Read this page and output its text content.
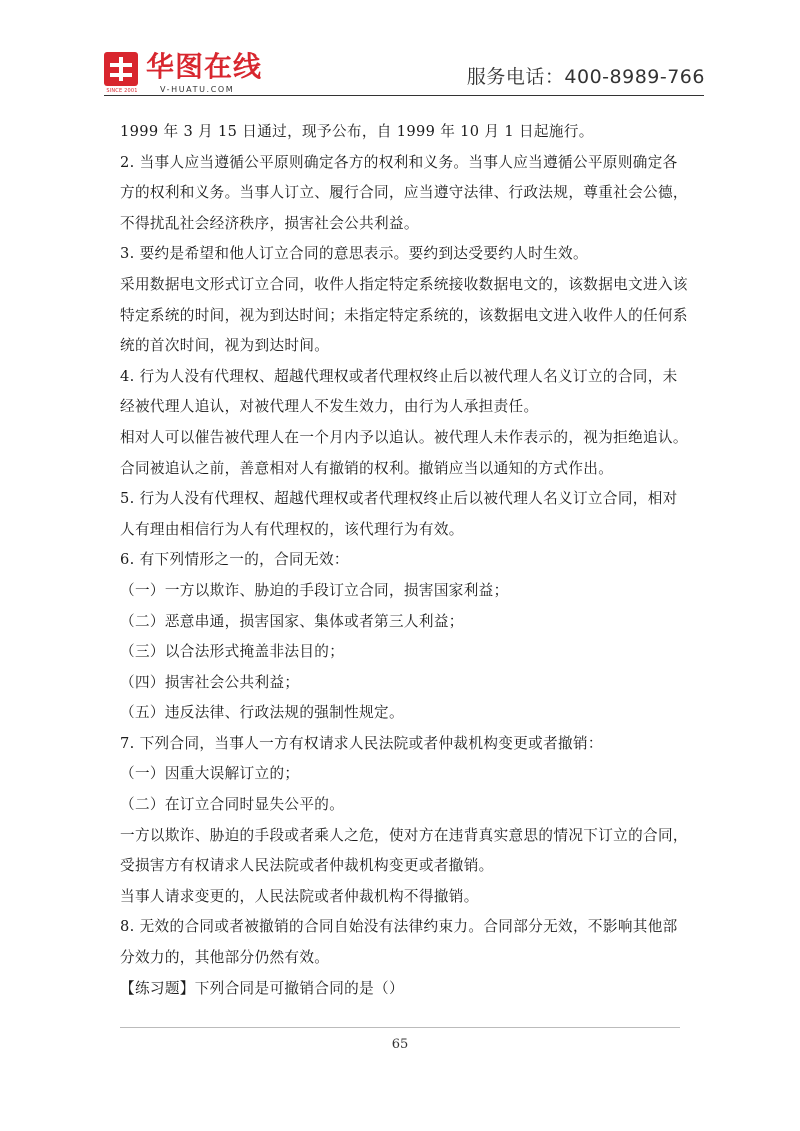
SINCE 2001
华图在线
V-HUATU.COM
服务电话：400-8989-766

1999 年 3 月 15 日通过，现予公布，自 1999 年 10 月 1 日起施行。

2. 当事人应当遵循公平原则确定各方的权利和义务。当事人应当遵循公平原则确定各方的权利和义务。当事人订立、履行合同，应当遵守法律、行政法规，尊重社会公德，不得扰乱社会经济秩序，损害社会公共利益。

3. 要约是希望和他人订立合同的意思表示。要约到达受要约人时生效。

采用数据电文形式订立合同，收件人指定特定系统接收数据电文的，该数据电文进入该特定系统的时间，视为到达时间；未指定特定系统的，该数据电文进入收件人的任何系统的首次时间，视为到达时间。

4. 行为人没有代理权、超越代理权或者代理权终止后以被代理人名义订立的合同，未经被代理人追认，对被代理人不发生效力，由行为人承担责任。

相对人可以催告被代理人在一个月内予以追认。被代理人未作表示的，视为拒绝追认。合同被追认之前，善意相对人有撤销的权利。撤销应当以通知的方式作出。

5. 行为人没有代理权、超越代理权或者代理权终止后以被代理人名义订立合同，相对人有理由相信行为人有代理权的，该代理行为有效。

6. 有下列情形之一的，合同无效：

（一）一方以欺诈、胁迫的手段订立合同，损害国家利益；

（二）恶意串通，损害国家、集体或者第三人利益；

（三）以合法形式掩盖非法目的；

（四）损害社会公共利益；

（五）违反法律、行政法规的强制性规定。

7. 下列合同，当事人一方有权请求人民法院或者仲裁机构变更或者撤销：

（一）因重大误解订立的；

（二）在订立合同时显失公平的。

一方以欺诈、胁迫的手段或者乘人之危，使对方在违背真实意思的情况下订立的合同，受损害方有权请求人民法院或者仲裁机构变更或者撤销。

当事人请求变更的，人民法院或者仲裁机构不得撤销。

8. 无效的合同或者被撤销的合同自始没有法律约束力。合同部分无效，不影响其他部分效力的，其他部分仍然有效。

【练习题】下列合同是可撤销合同的是（）

65
